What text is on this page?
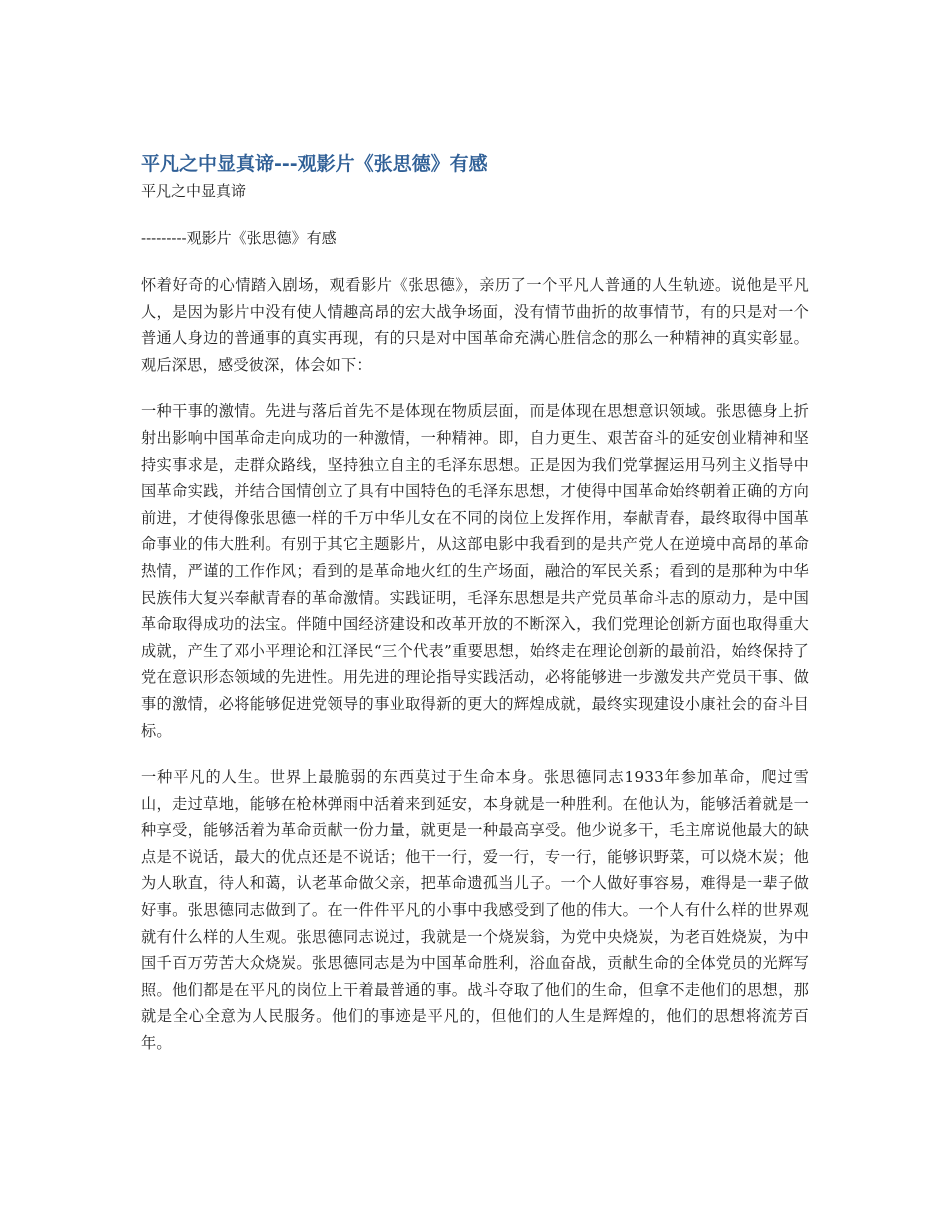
平凡之中显真谛---观影片《张思德》有感

平凡之中显真谛

---------观影片《张思德》有感

怀着好奇的心情踏入剧场，观看影片《张思德》，亲历了一个平凡人普通的人生轨迹。说他是平凡人，是因为影片中没有使人情趣高昂的宏大战争场面，没有情节曲折的故事情节，有的只是对一个普通人身边的普通事的真实再现，有的只是对中国革命充满心胜信念的那么一种精神的真实彰显。观后深思，感受彼深，体会如下：

一种干事的激情。先进与落后首先不是体现在物质层面，而是体现在思想意识领域。张思德身上折射出影响中国革命走向成功的一种激情，一种精神。即，自力更生、艰苦奋斗的延安创业精神和坚持实事求是，走群众路线，坚持独立自主的毛泽东思想。正是因为我们党掌握运用马列主义指导中国革命实践，并结合国情创立了具有中国特色的毛泽东思想，才使得中国革命始终朝着正确的方向前进，才使得像张思德一样的千万中华儿女在不同的岗位上发挥作用，奉献青春，最终取得中国革命事业的伟大胜利。有别于其它主题影片，从这部电影中我看到的是共产党人在逆境中高昂的革命热情，严谨的工作作风；看到的是革命地火红的生产场面，融洽的军民关系；看到的是那种为中华民族伟大复兴奉献青春的革命激情。实践证明，毛泽东思想是共产党员革命斗志的原动力，是中国革命取得成功的法宝。伴随中国经济建设和改革开放的不断深入，我们党理论创新方面也取得重大成就，产生了邓小平理论和江泽民“三个代表”重要思想，始终走在理论创新的最前沿，始终保持了党在意识形态领域的先进性。用先进的理论指导实践活动，必将能够进一步激发共产党员干事、做事的激情，必将能够促进党领导的事业取得新的更大的辉煌成就，最终实现建设小康社会的奋斗目标。

一种平凡的人生。世界上最脆弱的东西莫过于生命本身。张思德同志1933年参加革命，爬过雪山，走过草地，能够在枪林弹雨中活着来到延安，本身就是一种胜利。在他认为，能够活着就是一种享受，能够活着为革命贡献一份力量，就更是一种最高享受。他少说多干，毛主席说他最大的缺点是不说话，最大的优点还是不说话；他干一行，爱一行，专一行，能够识野菜，可以烧木炭；他为人耿直，待人和蔼，认老革命做父亲，把革命遗孤当儿子。一个人做好事容易，难得是一辈子做好事。张思德同志做到了。在一件件平凡的小事中我感受到了他的伟大。一个人有什么样的世界观就有什么样的人生观。张思德同志说过，我就是一个烧炭翁，为党中央烧炭，为老百姓烧炭，为中国千百万劳苦大众烧炭。张思德同志是为中国革命胜利，浴血奋战，贡献生命的全体党员的光辉写照。他们都是在平凡的岗位上干着最普通的事。战斗夺取了他们的生命，但拿不走他们的思想，那就是全心全意为人民服务。他们的事迹是平凡的，但他们的人生是辉煌的，他们的思想将流芳百年。
